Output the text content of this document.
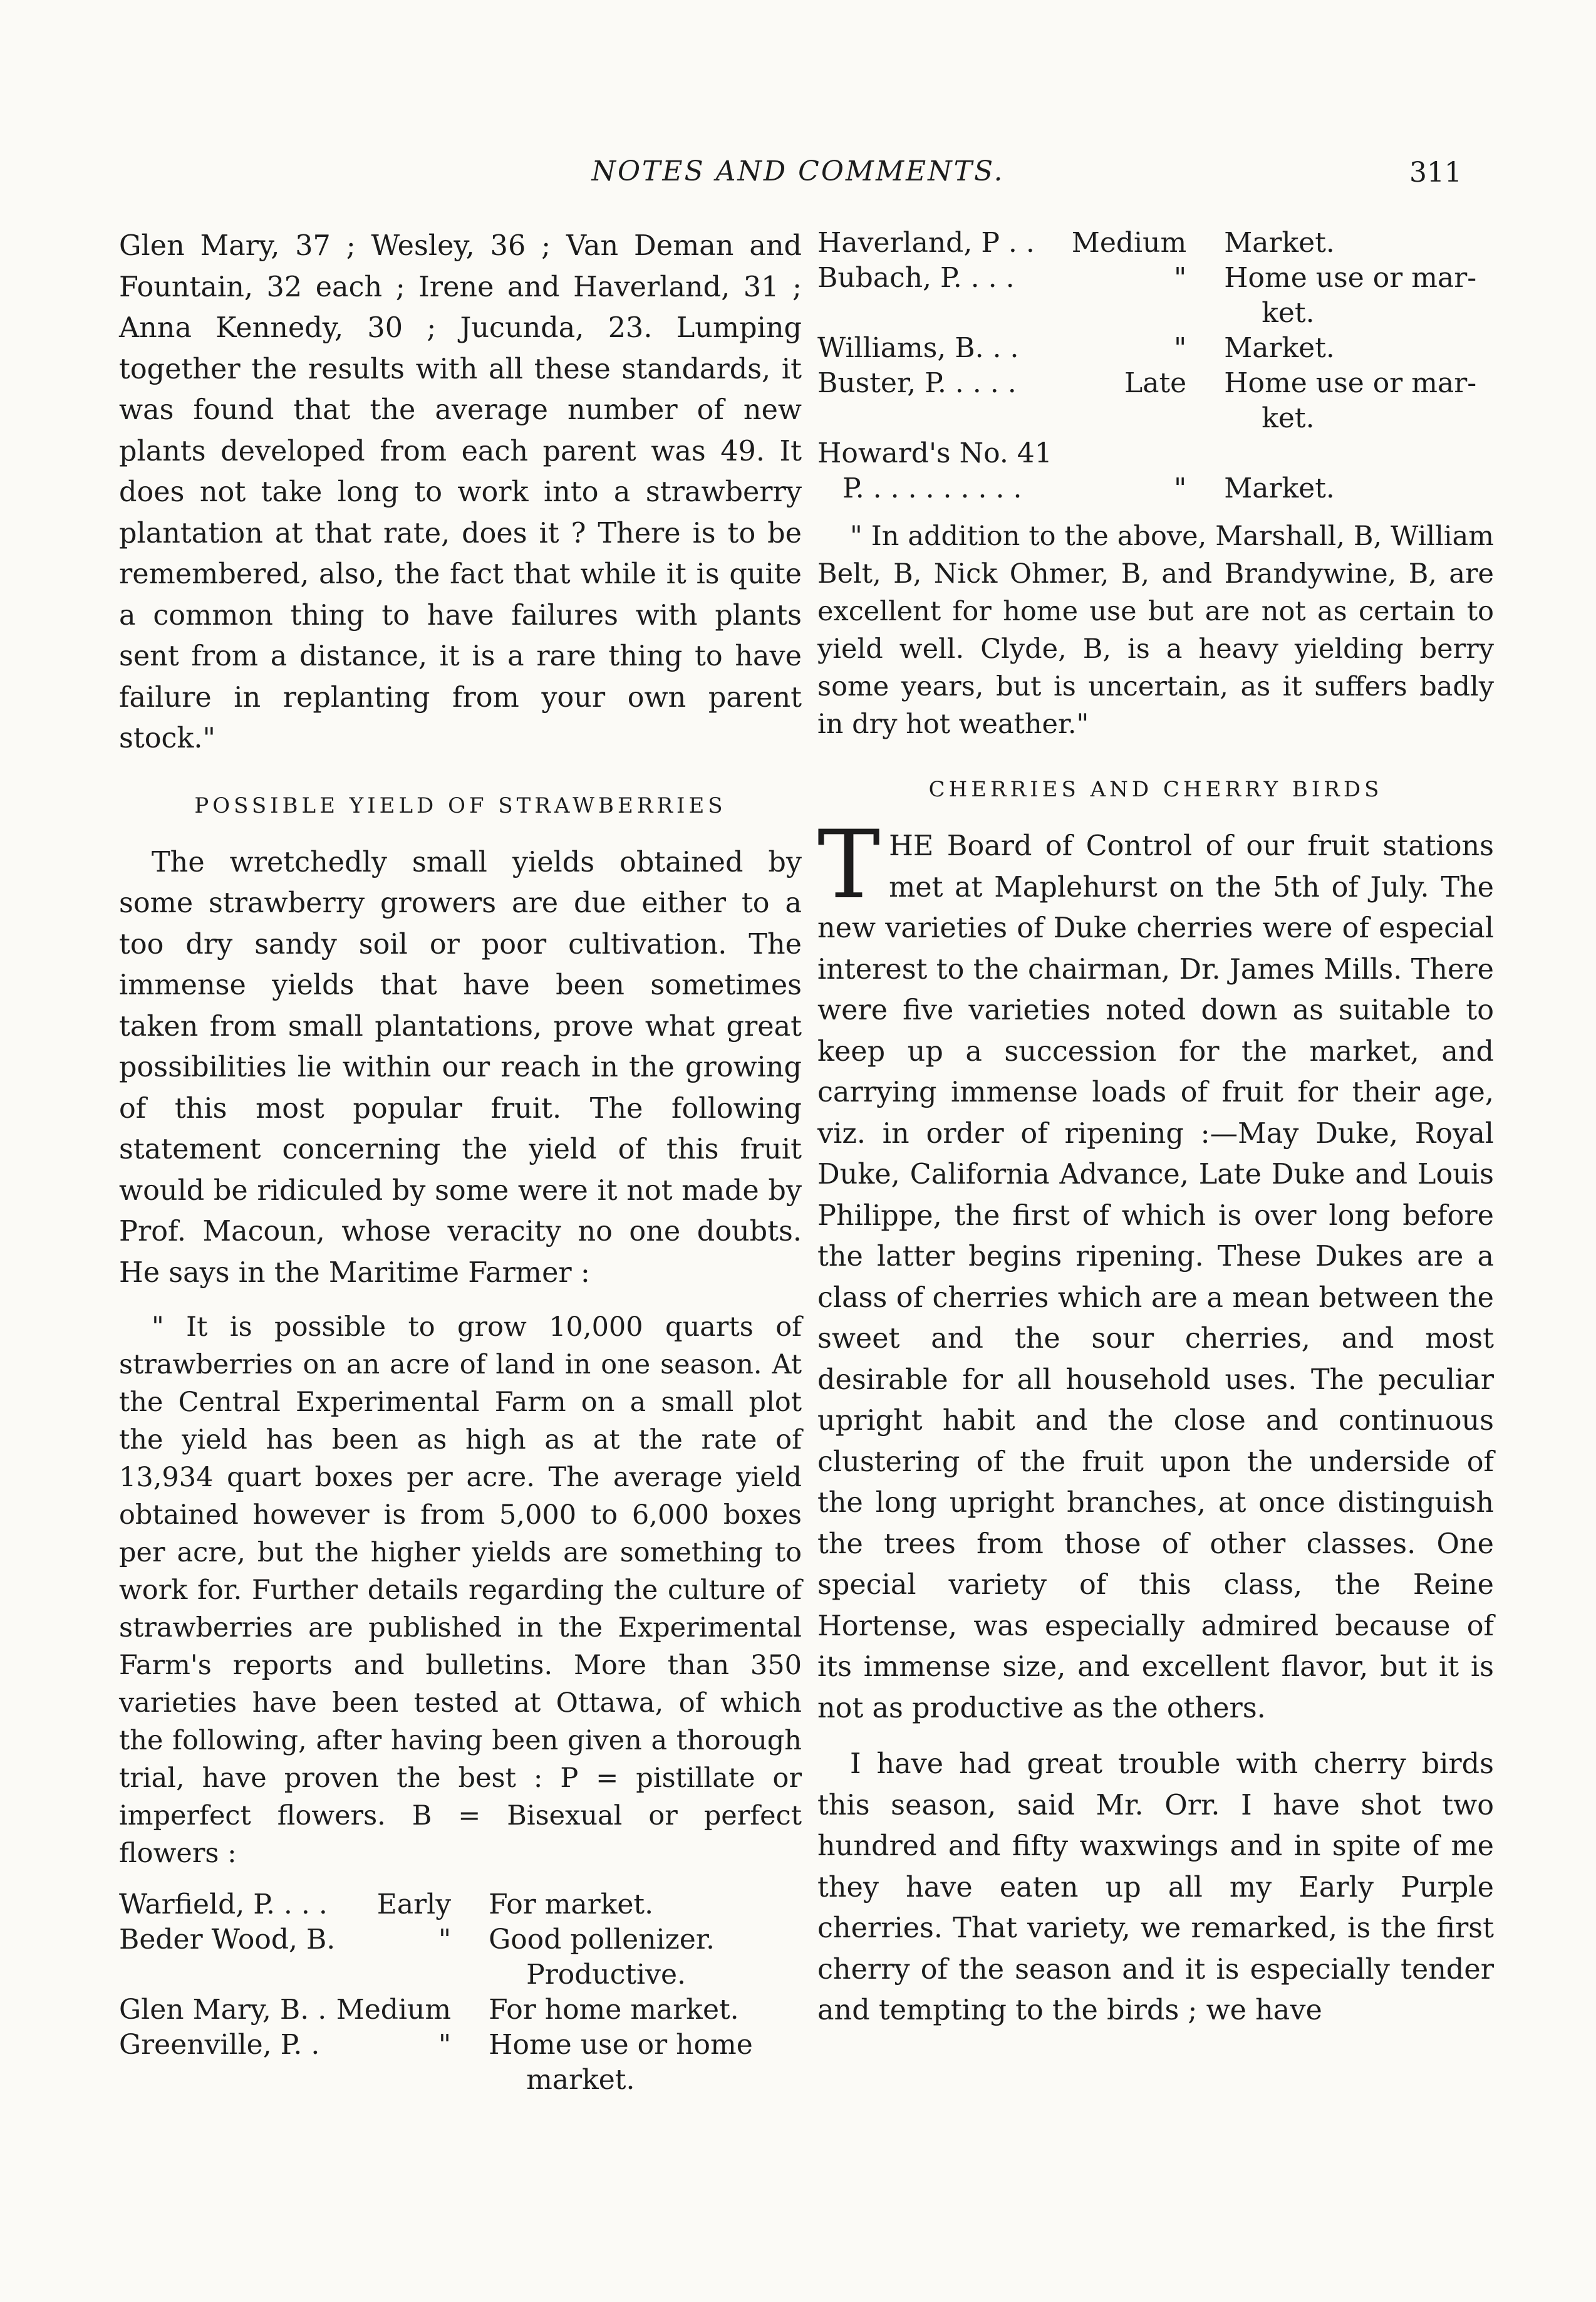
NOTES AND COMMENTS.	311

Glen Mary, 37 ; Wesley, 36 ; Van Deman and Fountain, 32 each ; Irene and Haverland, 31 ; Anna Kennedy, 30 ; Jucunda, 23. Lumping together the results with all these standards, it was found that the average number of new plants developed from each parent was 49. It does not take long to work into a strawberry plantation at that rate, does it ? There is to be remembered, also, the fact that while it is quite a common thing to have failures with plants sent from a distance, it is a rare thing to have failure in replanting from your own parent stock."

POSSIBLE YIELD OF STRAWBERRIES

The wretchedly small yields obtained by some strawberry growers are due either to a too dry sandy soil or poor cultivation. The immense yields that have been sometimes taken from small plantations, prove what great possibilities lie within our reach in the growing of this most popular fruit. The following statement concerning the yield of this fruit would be ridiculed by some were it not made by Prof. Macoun, whose veracity no one doubts. He says in the Maritime Farmer :

" It is possible to grow 10,000 quarts of strawberries on an acre of land in one season. At the Central Experimental Farm on a small plot the yield has been as high as at the rate of 13,934 quart boxes per acre. The average yield obtained however is from 5,000 to 6,000 boxes per acre, but the higher yields are something to work for. Further details regarding the culture of strawberries are published in the Experimental Farm's reports and bulletins. More than 350 varieties have been tested at Ottawa, of which the following, after having been given a thorough trial, have proven the best : P = pistillate or imperfect flowers. B = Bisexual or perfect flowers :

Warfield, P. . . .	Early	For market.

Beder Wood, B.	"	Good pollenizer.
Productive.

Glen Mary, B. .	Medium	For home market.

Greenville, P. .	"	Home use or home
market.
Haverland, P . .	Medium	Market.

Bubach, P. . . .	"	Home use or mar-
ket.

Williams, B. . .	"	Market.

Buster, P. . . . .	Late	Home use or mar-
ket.

Howard's No. 41		

P. . . . . . . . . .	"	Market.

" In addition to the above, Marshall, B, William Belt, B, Nick Ohmer, B, and Brandywine, B, are excellent for home use but are not as certain to yield well. Clyde, B, is a heavy yielding berry some years, but is uncertain, as it suffers badly in dry hot weather."

CHERRIES AND CHERRY BIRDS

THE Board of Control of our fruit stations met at Maplehurst on the 5th of July. The new varieties of Duke cherries were of especial interest to the chairman, Dr. James Mills. There were five varieties noted down as suitable to keep up a succession for the market, and carrying immense loads of fruit for their age, viz. in order of ripening :—May Duke, Royal Duke, California Advance, Late Duke and Louis Philippe, the first of which is over long before the latter begins ripening. These Dukes are a class of cherries which are a mean between the sweet and the sour cherries, and most desirable for all household uses. The peculiar upright habit and the close and continuous clustering of the fruit upon the underside of the long upright branches, at once distinguish the trees from those of other classes. One special variety of this class, the Reine Hortense, was especially admired because of its immense size, and excellent flavor, but it is not as productive as the others.

I have had great trouble with cherry birds this season, said Mr. Orr. I have shot two hundred and fifty waxwings and in spite of me they have eaten up all my Early Purple cherries. That variety, we remarked, is the first cherry of the season and it is especially tender and tempting to the birds ; we have
